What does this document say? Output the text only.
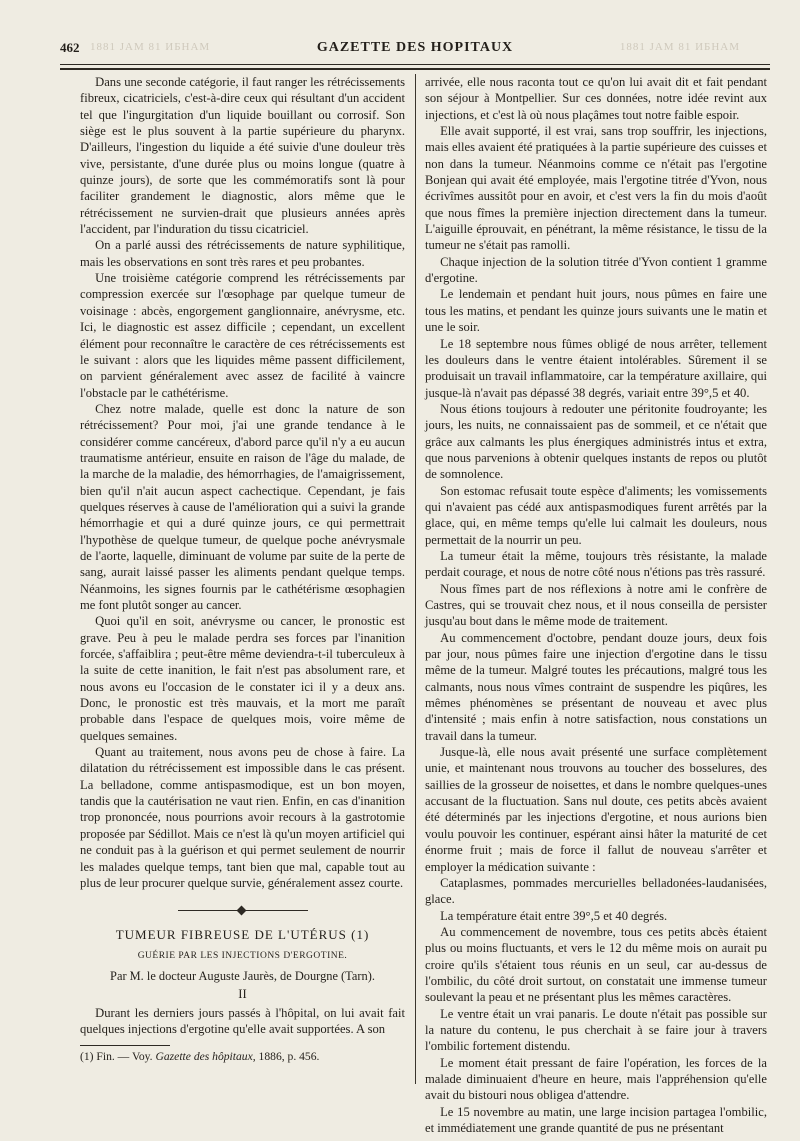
462 1881 JAM 81 ИБНАМ	GAZETTE DES HOPITAUX	1881 JAM 81 ИБНАМ

Dans une seconde catégorie, il faut ranger les rétrécissements fibreux, cicatriciels, c'est-à-dire ceux qui résultant d'un accident tel que l'ingurgitation d'un liquide bouillant ou corrosif. Son siège est le plus souvent à la partie supérieure du pharynx. D'ailleurs, l'ingestion du liquide a été suivie d'une douleur très vive, persistante, d'une durée plus ou moins longue (quatre à quinze jours), de sorte que les commémoratifs sont là pour faciliter grandement le diagnostic, alors même que le rétrécissement ne survien-drait que plusieurs années après l'accident, par l'induration du tissu cicatriciel.

On a parlé aussi des rétrécissements de nature syphilitique, mais les observations en sont très rares et peu probantes.

Une troisième catégorie comprend les rétrécissements par compression exercée sur l'œsophage par quelque tumeur de voisinage : abcès, engorgement ganglionnaire, anévrysme, etc. Ici, le diagnostic est assez difficile ; cependant, un excellent élément pour reconnaître le caractère de ces rétrécissements est le suivant : alors que les liquides même passent difficilement, on parvient généralement avec assez de facilité à vaincre l'obstacle par le cathétérisme.

Chez notre malade, quelle est donc la nature de son rétrécissement? Pour moi, j'ai une grande tendance à le considérer comme cancéreux, d'abord parce qu'il n'y a eu aucun traumatisme antérieur, ensuite en raison de l'âge du malade, de la marche de la maladie, des hémorrhagies, de l'amaigrissement, bien qu'il n'ait aucun aspect cachectique. Cependant, je fais quelques réserves à cause de l'amélioration qui a suivi la grande hémorrhagie et qui a duré quinze jours, ce qui permettrait l'hypothèse de quelque tumeur, de quelque poche anévrysmale de l'aorte, laquelle, diminuant de volume par suite de la perte de sang, aurait laissé passer les aliments pendant quelque temps. Néanmoins, les signes fournis par le cathétérisme œsophagien me font plutôt songer au cancer.

Quoi qu'il en soit, anévrysme ou cancer, le pronostic est grave. Peu à peu le malade perdra ses forces par l'inanition forcée, s'affaiblira ; peut-être même deviendra-t-il tuberculeux à la suite de cette inanition, le fait n'est pas absolument rare, et nous avons eu l'occasion de le constater ici il y a deux ans. Donc, le pronostic est très mauvais, et la mort me paraît probable dans l'espace de quelques mois, voire même de quelques semaines.

Quant au traitement, nous avons peu de chose à faire. La dilatation du rétrécissement est impossible dans le cas présent. La belladone, comme antispasmodique, est un bon moyen, tandis que la cautérisation ne vaut rien. Enfin, en cas d'inanition trop prononcée, nous pourrions avoir recours à la gastrotomie proposée par Sédillot. Mais ce n'est là qu'un moyen artificiel qui ne conduit pas à la guérison et qui permet seulement de nourrir les malades quelque temps, tant bien que mal, capable tout au plus de leur procurer quelque survie, généralement assez courte.

TUMEUR FIBREUSE DE L'UTÉRUS (1)
GUÉRIE PAR LES INJECTIONS D'ERGOTINE.
Par M. le docteur Auguste Jaurès, de Dourgne (Tarn).
II

Durant les derniers jours passés à l'hôpital, on lui avait fait quelques injections d'ergotine qu'elle avait supportées. A son

(1) Fin. — Voy. Gazette des hôpitaux, 1886, p. 456.

arrivée, elle nous raconta tout ce qu'on lui avait dit et fait pendant son séjour à Montpellier. Sur ces données, notre idée revint aux injections, et c'est là où nous plaçâmes tout notre faible espoir.

Elle avait supporté, il est vrai, sans trop souffrir, les injections, mais elles avaient été pratiquées à la partie supérieure des cuisses et non dans la tumeur. Néanmoins comme ce n'était pas l'ergotine Bonjean qui avait été employée, mais l'ergotine titrée d'Yvon, nous écrivîmes aussitôt pour en avoir, et c'est vers la fin du mois d'août que nous fîmes la première injection directement dans la tumeur. L'aiguille éprouvait, en pénétrant, la même résistance, le tissu de la tumeur ne s'était pas ramolli.

Chaque injection de la solution titrée d'Yvon contient 1 gramme d'ergotine.

Le lendemain et pendant huit jours, nous pûmes en faire une tous les matins, et pendant les quinze jours suivants une le matin et une le soir.

Le 18 septembre nous fûmes obligé de nous arrêter, tellement les douleurs dans le ventre étaient intolérables. Sûrement il se produisait un travail inflammatoire, car la température axillaire, qui jusque-là n'avait pas dépassé 38 degrés, variait entre 39°,5 et 40.

Nous étions toujours à redouter une péritonite foudroyante; les jours, les nuits, ne connaissaient pas de sommeil, et ce n'était que grâce aux calmants les plus énergiques administrés intus et extra, que nous parvenions à obtenir quelques instants de repos ou plutôt de somnolence.

Son estomac refusait toute espèce d'aliments; les vomissements qui n'avaient pas cédé aux antispasmodiques furent arrêtés par la glace, qui, en même temps qu'elle lui calmait les douleurs, nous permettait de la nourrir un peu.

La tumeur était la même, toujours très résistante, la malade perdait courage, et nous de notre côté nous n'étions pas très rassuré.

Nous fîmes part de nos réflexions à notre ami le confrère de Castres, qui se trouvait chez nous, et il nous conseilla de persister jusqu'au bout dans le même mode de traitement.

Au commencement d'octobre, pendant douze jours, deux fois par jour, nous pûmes faire une injection d'ergotine dans le tissu même de la tumeur. Malgré toutes les précautions, malgré tous les calmants, nous nous vîmes contraint de suspendre les piqûres, les mêmes phénomènes se présentant de nouveau et avec plus d'intensité ; mais enfin à notre satisfaction, nous constations un travail dans la tumeur.

Jusque-là, elle nous avait présenté une surface complètement unie, et maintenant nous trouvons au toucher des bosselures, des saillies de la grosseur de noisettes, et dans le nombre quelques-unes accusant de la fluctuation. Sans nul doute, ces petits abcès avaient été déterminés par les injections d'ergotine, et nous aurions bien voulu pouvoir les continuer, espérant ainsi hâter la maturité de cet énorme fruit ; mais de force il fallut de nouveau s'arrêter et employer la médication suivante :

Cataplasmes, pommades mercurielles belladonées-laudanisées, glace.

La température était entre 39°,5 et 40 degrés.

Au commencement de novembre, tous ces petits abcès étaient plus ou moins fluctuants, et vers le 12 du même mois on aurait pu croire qu'ils s'étaient tous réunis en un seul, car au-dessus de l'ombilic, du côté droit surtout, on constatait une immense tumeur soulevant la peau et ne présentant plus les mêmes caractères.

Le ventre était un vrai panaris. Le doute n'était pas possible sur la nature du contenu, le pus cherchait à se faire jour à travers l'ombilic fortement distendu.

Le moment était pressant de faire l'opération, les forces de la malade diminuaient d'heure en heure, mais l'appréhension qu'elle avait du bistouri nous obligea d'attendre.

Le 15 novembre au matin, une large incision partagea l'ombilic, et immédiatement une grande quantité de pus ne présentant
